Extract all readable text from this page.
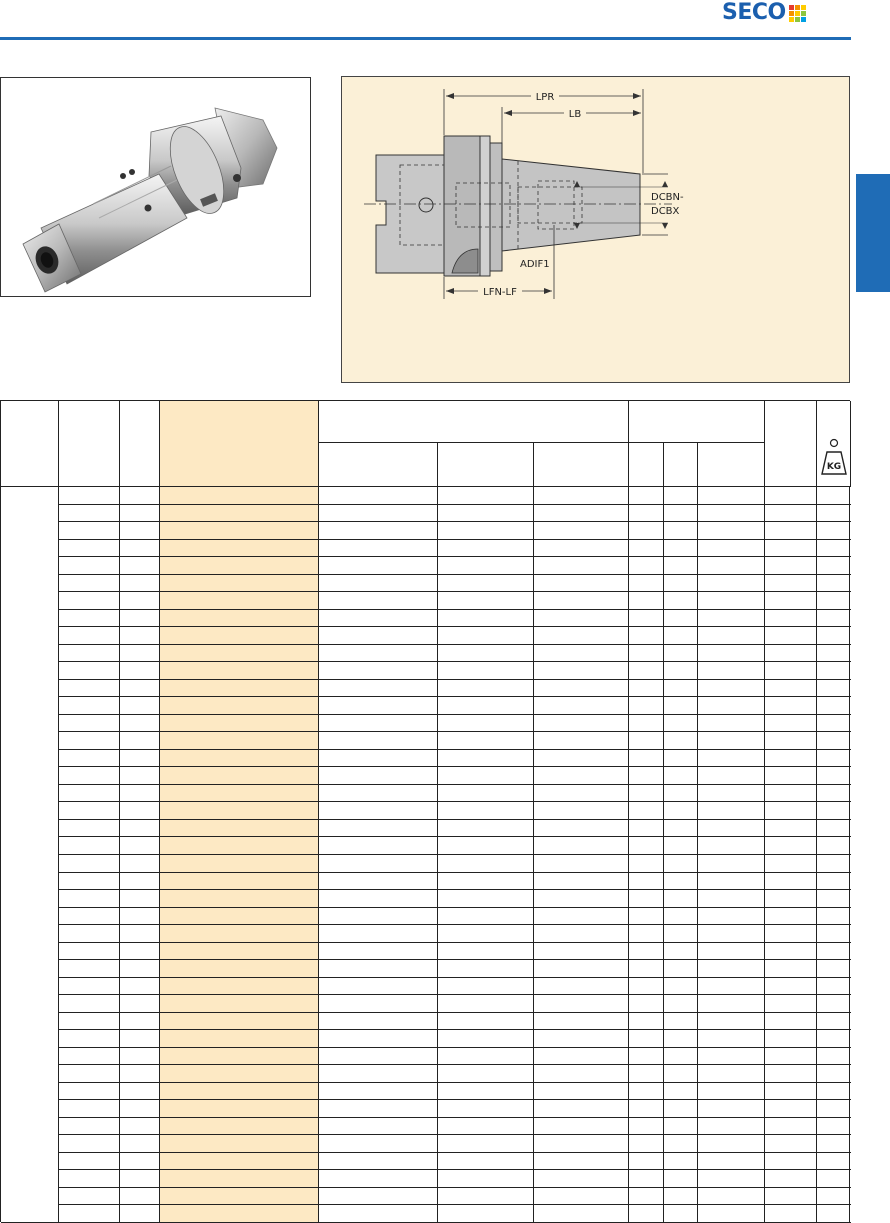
SECO
LPR
LB
DCBN-
DCBX
ADIF1
LFN-LF
KG
